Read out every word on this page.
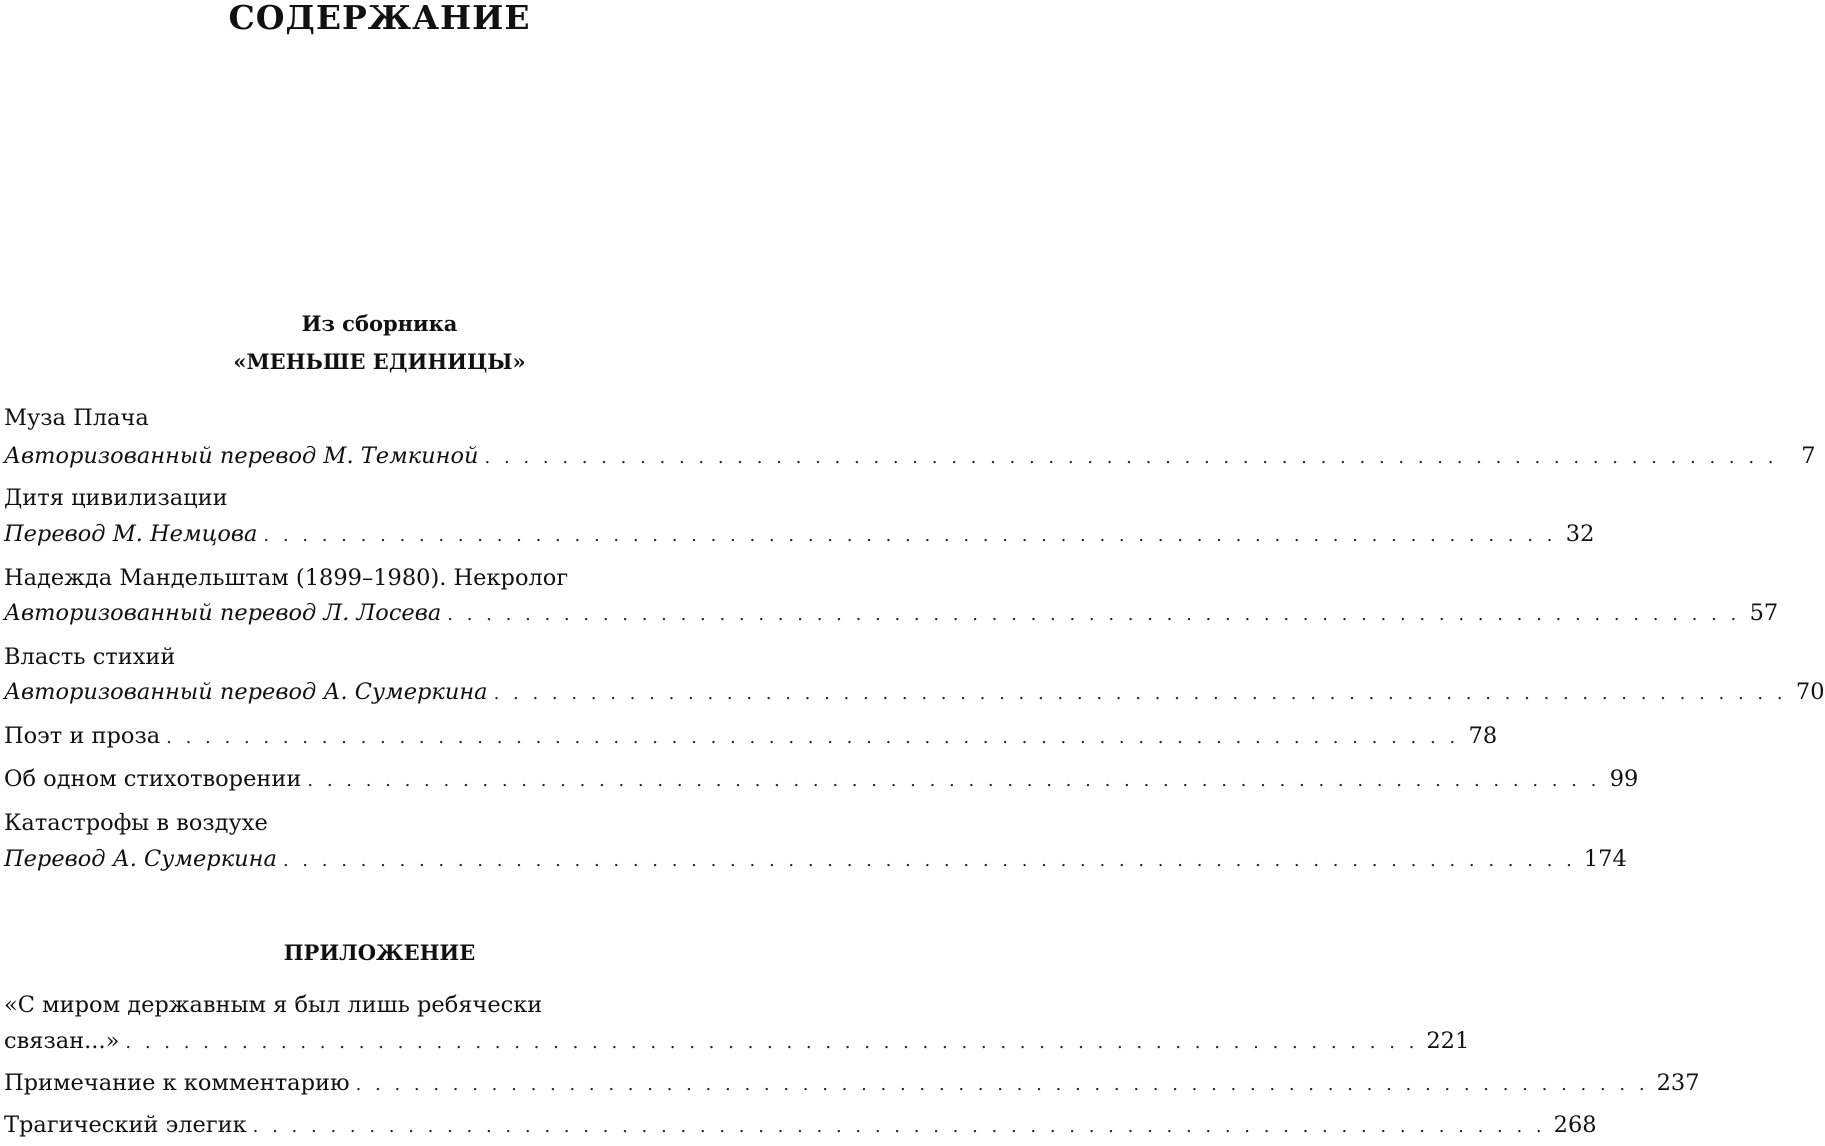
СОДЕРЖАНИЕ
Из сборника
«МЕНЬШЕ ЕДИНИЦЫ»
Муза Плача
Авторизованный перевод М. Темкиной . . . . . . . . . . . . . . . . . . . . . . . . . . . . . . . . . . . . . . . . . . . . . . . . . . . . . . . . . . . . . . . . . . .	7
Дитя цивилизации
Перевод М. Немцова . . . . . . . . . . . . . . . . . . . . . . . . . . . . . . . . . . . . . . . . . . . . . . . . . . . . . . . . . . . . . . . . . . . 32
Надежда Мандельштам (1899–1980). Некролог
Авторизованный перевод Л. Лосева . . . . . . . . . . . . . . . . . . . . . . . . . . . . . . . . . . . . . . . . . . . . . . . . . . . . . . . . . . . . . . . . . . . 57
Власть стихий
Авторизованный перевод А. Сумеркина . . . . . . . . . . . . . . . . . . . . . . . . . . . . . . . . . . . . . . . . . . . . . . . . . . . . . . . . . . . . . . . . . . . 70
Поэт и проза . . . . . . . . . . . . . . . . . . . . . . . . . . . . . . . . . . . . . . . . . . . . . . . . . . . . . . . . . . . . . . . . . . . 78
Об одном стихотворении . . . . . . . . . . . . . . . . . . . . . . . . . . . . . . . . . . . . . . . . . . . . . . . . . . . . . . . . . . . . . . . . . . . 99
Катастрофы в воздухе
Перевод А. Сумеркина . . . . . . . . . . . . . . . . . . . . . . . . . . . . . . . . . . . . . . . . . . . . . . . . . . . . . . . . . . . . . . . . . . . 174
ПРИЛОЖЕНИЕ
«С миром державным я был лишь ребячески
связан...» . . . . . . . . . . . . . . . . . . . . . . . . . . . . . . . . . . . . . . . . . . . . . . . . . . . . . . . . . . . . . . . . . . . 221
Примечание к комментарию . . . . . . . . . . . . . . . . . . . . . . . . . . . . . . . . . . . . . . . . . . . . . . . . . . . . . . . . . . . . . . . . . . . 237
Трагический элегик . . . . . . . . . . . . . . . . . . . . . . . . . . . . . . . . . . . . . . . . . . . . . . . . . . . . . . . . . . . . . . . . . . . 268
